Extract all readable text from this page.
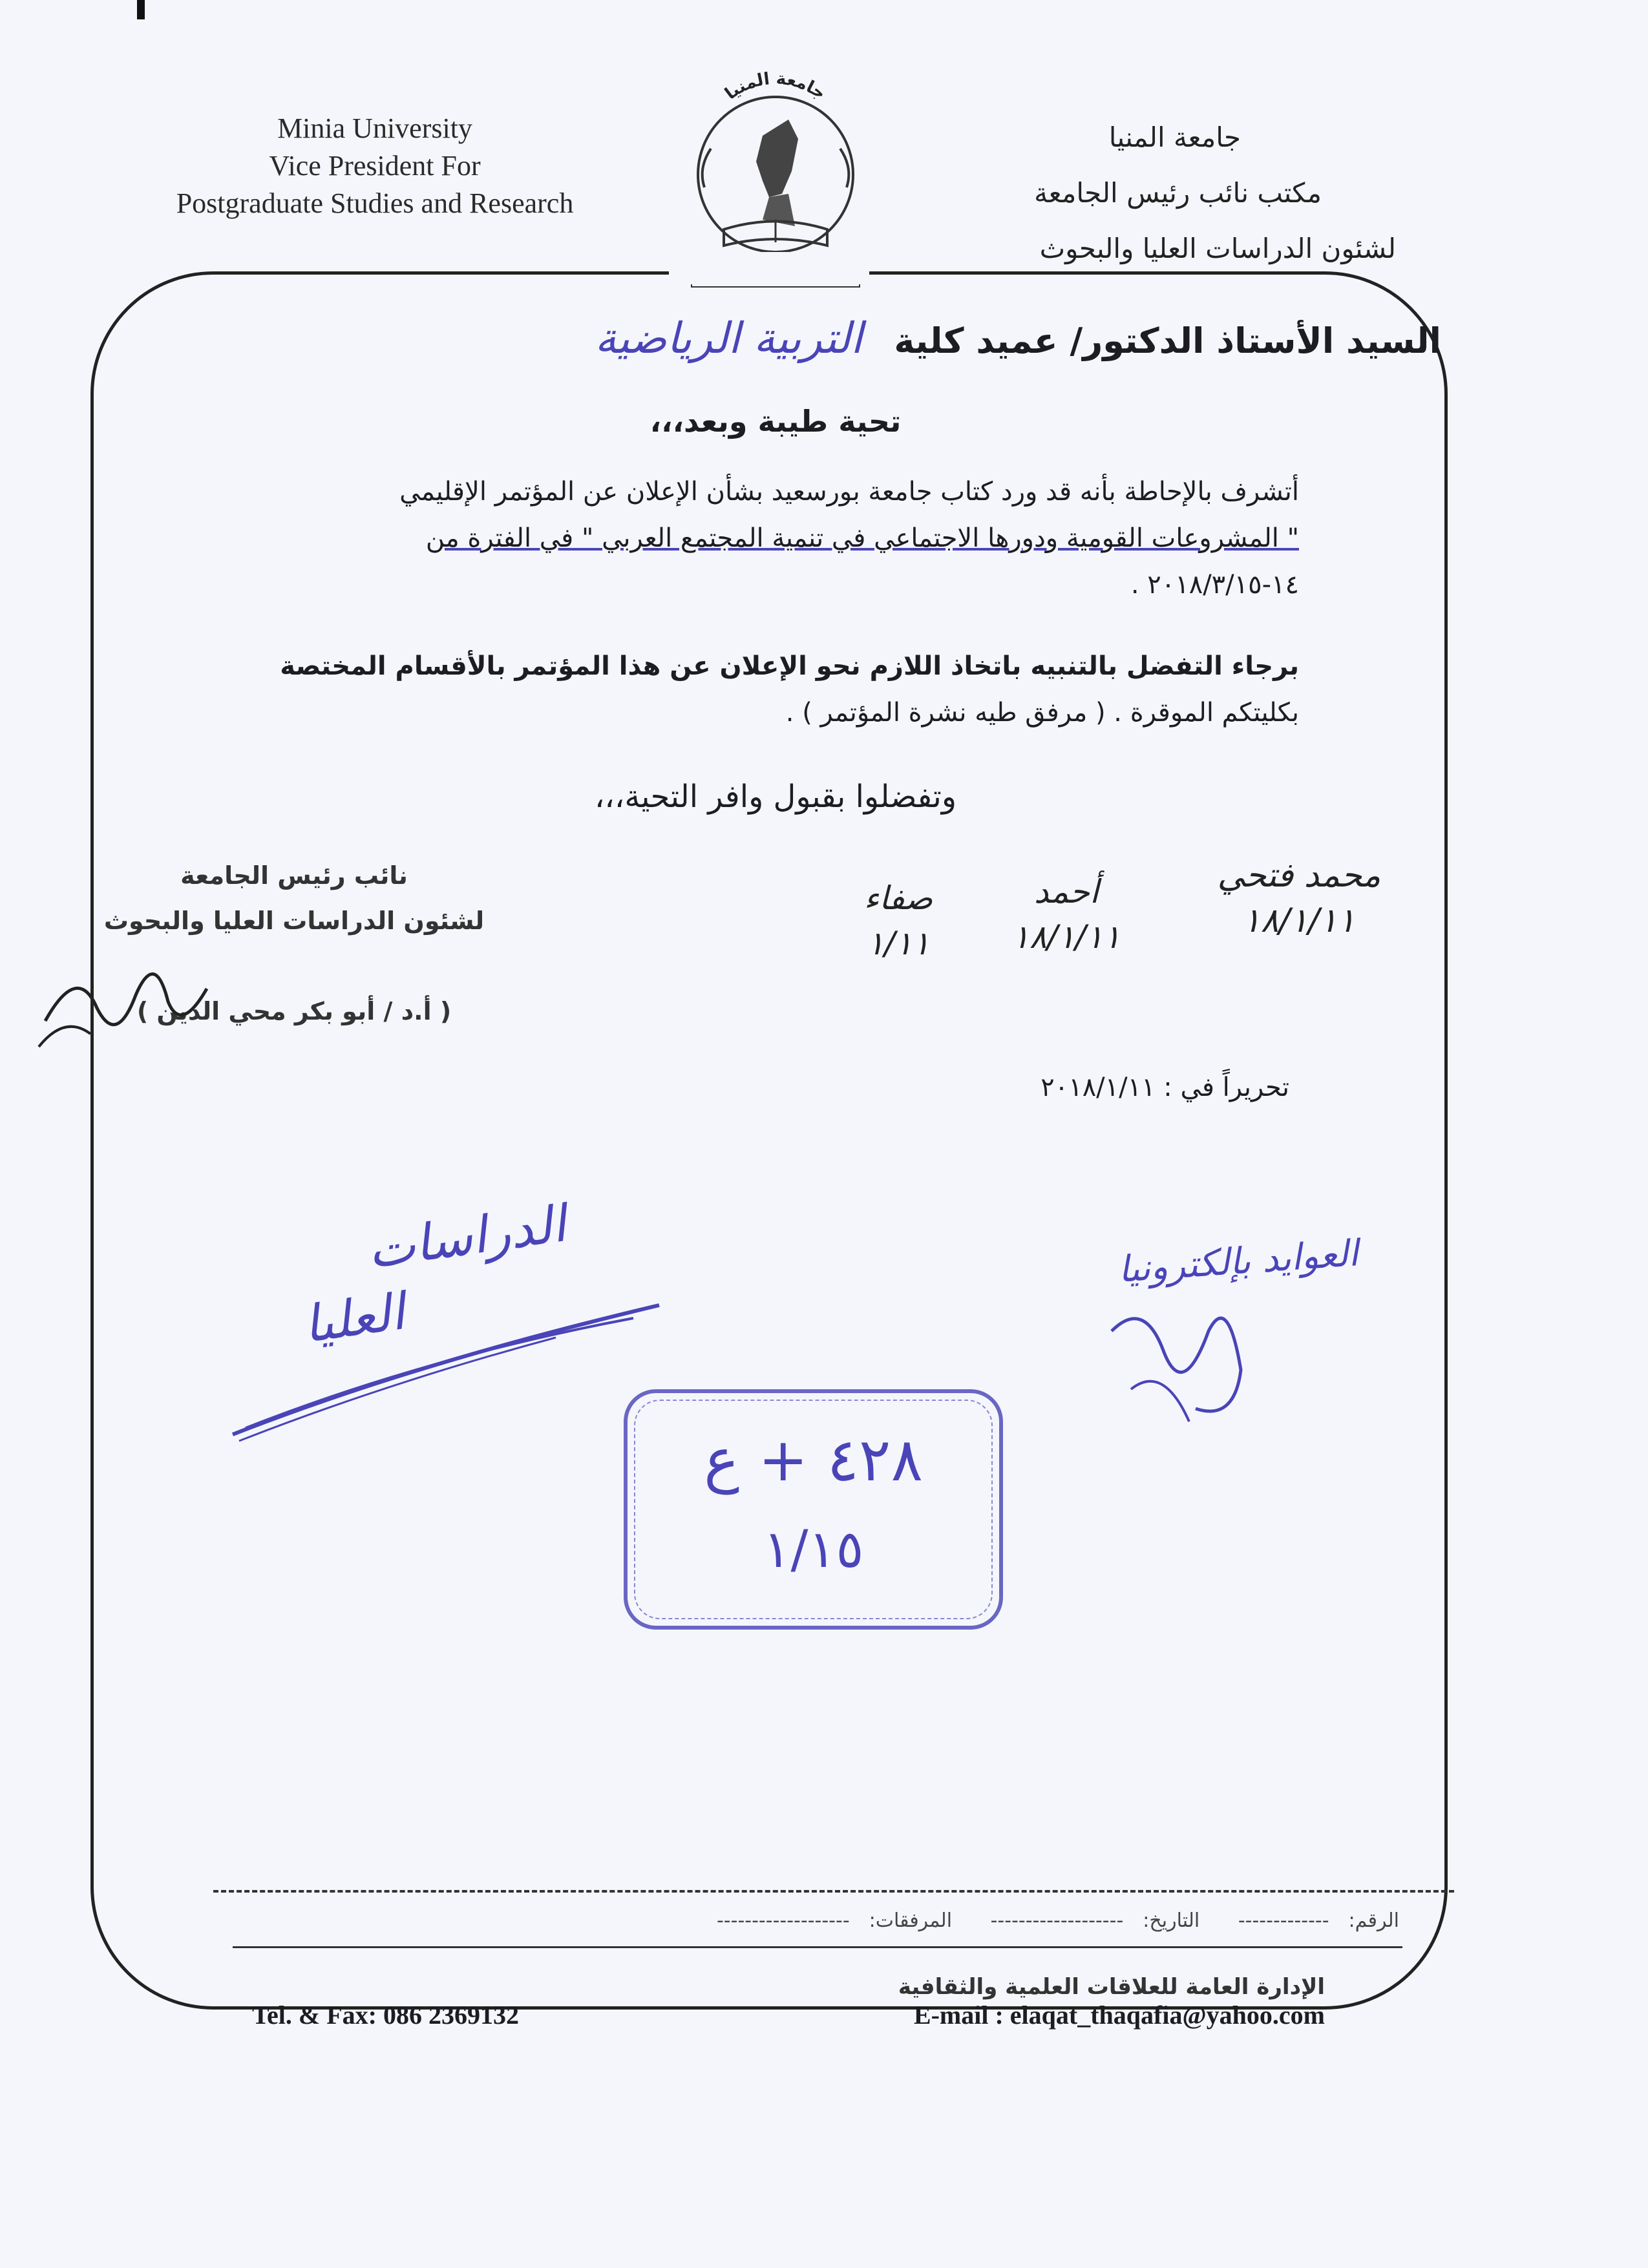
Minia University
Vice President For
Postgraduate Studies and Research
جامعة المنيا
جامعة المنيا
مكتب نائب رئيس الجامعة
لشئون الدراسات العليا والبحوث
السيد الأستاذ الدكتور/ عميد كلية التربية الرياضية
تحية طيبة وبعد،،،
أتشرف بالإحاطة بأنه قد ورد كتاب جامعة بورسعيد بشأن الإعلان عن المؤتمر الإقليمي
" المشروعات القومية ودورها الاجتماعي في تنمية المجتمع العربي " في الفترة من
١٤-٢٠١٨/٣/١٥ .
برجاء التفضل بالتنبيه باتخاذ اللازم نحو الإعلان عن هذا المؤتمر بالأقسام المختصة
بكليتكم الموقرة . ( مرفق طيه نشرة المؤتمر ) .
وتفضلوا بقبول وافر التحية،،،
محمد فتحي
١٨/١/١١
أحمد
١٨/١/١١
صفاء
١/١١
نائب رئيس الجامعة
لشئون الدراسات العليا والبحوث
( أ.د / أبو بكر محي الدين )
تحريراً في : ٢٠١٨/١/١١
الدراسات
العليا
العوايد بإلكترونيا
٤٢٨ + ع
١/١٥
الرقم:------------- التاريخ:------------------- المرفقات:-------------------
الإدارة العامة للعلاقات العلمية والثقافية
Tel. & Fax: 086 2369132	E-mail : elaqat_thaqafia@yahoo.com
